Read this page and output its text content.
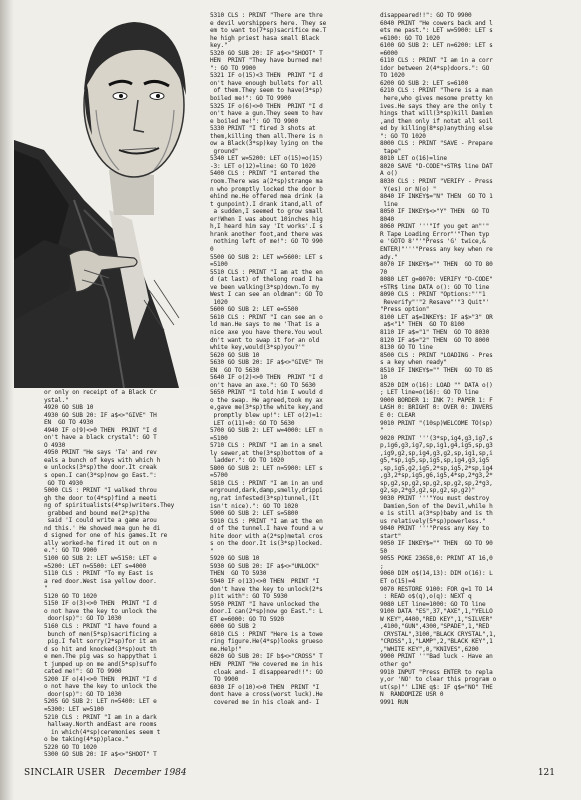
or only on receipt of a Black Cr
ystal."
4920 GO SUB 10
4930 GO SUB 20: IF a$<>"GIVE" TH
EN  GO TO 4930
4940 IF o(9)<>0 THEN  PRINT "I d
on't have a black crystal": GO T
O 4930
4950 PRINT "He says 'Ta' and rev
eals a bunch of keys with which h
e unlocks(3*sp)the door.It creak
s open.I can(3*sp)now go East.":
GO TO 4930
5000 CLS : PRINT "I walked throu
gh the door to(4*sp)find a meeti
ng of spiritualists(4*sp)writers.They
grabbed and bound me(2*sp)the
said 'I could write a game arou
nd this.' He showed mea gun he di
d signed for one of his games.It re
ally worked-he fired it out on m
e.": GO TO 9900
5100 GO SUB 2: LET w=5150: LET e
=5200: LET n=5500: LET s=4000
5110 CLS : PRINT "To my East is
a red door.West isa yellow door.
"
5120 GO TO 1020
5150 IF o(3)<>0 THEN  PRINT "I d
o not have the key to unlock the
door(sp)": GO TO 1030
5160 CLS : PRINT "I have found a
bunch of men(5*sp)sacrificing a
pig.I felt sorry(2*sp)for it an
d so hit and knocked(3*sp)out th
e men.The pig was so happythat i
t jumped up on me and(5*sp)suffo
cated me!": GO TO 9900
5200 IF o(4)<>0 THEN  PRINT "I d
o not have the key to unlock the
door(sp)": GO TO 1030
5205 GO SUB 2: LET n=5400: LET e
=5300: LET w=5100
5210 CLS : PRINT "I am in a dark
hallway.North andEast are rooms
in which(4*sp)ceremonies seem t
o be taking(4*sp)place."
5220 GO TO 1020
5300 GO SUB 20: IF a$<>"SHOOT" T
5310 CLS : PRINT "There are thre
e devil worshippers here. They se
em to want to(7*sp)sacrifice me.T
he high priest hasa small Black
key."
5320 GO SUB 20: IF a$<>"SHOOT" T
HEN  PRINT "They have burned me!
": GO TO 9900
5321 IF o(15)<3 THEN  PRINT "I d
on't have enough bullets for all
of them.They seem to have(3*sp)
boiled me!": GO TO 9900
5325 IF o(6)<>0 THEN  PRINT "I d
on't have a gun.They seem to hav
e boiled me!": GO TO 9900
5330 PRINT "I fired 3 shots at
them,killing them all.There is n
ow a Black(3*sp)key lying on the
ground"
5340 LET w=5200: LET o(15)=o(15)
-3: LET o(12)=line: GO TO 1020
5400 CLS : PRINT "I entered the
room.There was a(2*sp)strange ma
n who promptly locked the door b
ehind me.He offered mea drink (a
t gunpoint).I drank itand,all of
a sudden,I seemed to grow small
er!When I was about 10inches hig
h,I heard him say 'It works'.I s
hrank another foot,and there was
nothing left of me!": GO TO 990
0
5500 GO SUB 2: LET w=5600: LET s
=5100
5510 CLS : PRINT "I am at the en
d (at last) of thelong road I ha
ve been walking(3*sp)down.To my
West I can see an oldman": GO TO
1020
5600 GO SUB 2: LET e=5500
5610 CLS : PRINT "I can see an o
ld man.He says to me 'That is a
nice axe you have there.You woul
dn't want to swap it for an old
white key,would(3*sp)you?'"
5620 GO SUB 10
5630 GO SUB 20: IF a$<>"GIVE" TH
EN  GO TO 5630
5640 IF o(2)<>0 THEN  PRINT "I d
on't have an axe.": GO TO 5630
5650 PRINT "I told him I would d
o the swap. He agreed,took my ax
e,gave me(3*sp)the white key,and
promptly blew up!": LET o(2)=1:
LET o(11)=0: GO TO 5630
5700 GO SUB 2: LET w=4000: LET n
=5100
5710 CLS : PRINT "I am in a smel
ly sewer,at the(3*sp)bottom of a
ladder.": GO TO 1020
5800 GO SUB 2: LET n=5900: LET s
=5700
5810 CLS : PRINT "I am in an und
erground,dark,damp,smelly,drippi
ng,rat infested(3*sp)tunnel,(It
isn't nice).": GO TO 1020
5900 GO SUB 2: LET s=5800
5910 CLS : PRINT "I am at the en
d of the tunnel.I have found a w
hite door with a(2*sp)metal cros
s on the door.It is(3*sp)locked.
"
5920 GO SUB 10
5930 GO SUB 20: IF a$<>"UNLOCK"
THEN  GO TO 5930
5940 IF o(13)<>0 THEN  PRINT "I
don't have the key to unlock(2*s
p)it with": GO TO 5930
5950 PRINT "I have unlocked the
door.I can(2*sp)now go East.": L
ET e=6000: GO TO 5920
6000 GO SUB 2
6010 CLS : PRINT "Here is a towe
ring figure.He(4*sp)looks grueso
me.Help!"
6020 GO SUB 20: IF b$<>"CROSS" T
HEN  PRINT "He covered me in his
cloak and- I disappeared!!": GO
TO 9900
6030 IF o(10)<>0 THEN  PRINT "I
dont have a cross(worst luck).He
covered me in his cloak and- I
disappeared!!": GO TO 9900
6040 PRINT "He cowers back and l
ets me past.": LET w=5900: LET s
=6100: GO TO 1020
6100 GO SUB 2: LET n=6200: LET s
=6000
6110 CLS : PRINT "I am in a corr
idor between 2(4*sp)doors.": GO
TO 1020
6200 GO SUB 2: LET s=6100
6210 CLS : PRINT "There is a man
here,who gives mesome pretty kn
ives.He says they are the only t
hings that will(3*sp)kill Damien
,and then only if notat all soil
ed by killing(8*sp)anything else
": GO TO 1020
8000 CLS : PRINT "SAVE - Prepare
tape"
8010 LET o(16)=line
8020 SAVE "D-CODE"+STR$ line DAT
A o()
8030 CLS : PRINT "VERIFY - Press
Y(es) or N(o) "
8040 IF INKEY$="N" THEN  GO TO 1
line
8050 IF INKEY$<>"Y" THEN  GO TO
8040
8060 PRINT '''"If you get an"'"
R Tape Loading Error"'"Then typ
e 'GOTO 8'"'"Press 'G' twice,&
ENTER)"'''"Press any key when re
ady."
8070 IF INKEY$="" THEN  GO TO 80
70
8080 LET g=8070: VERIFY "D-CODE"
+STR$ line DATA o(): GO TO line
8090 CLS : PRINT "Options:"'"1
Reverify"'"2 Resave"'"3 Quit"'
"Press option"
8100 LET a$=INKEY$: IF a$>"3" OR
a$<"1" THEN  GO TO 8100
8110 IF a$="1" THEN  GO TO 8030
8120 IF a$="2" THEN  GO TO 8000
8130 GO TO line
8500 CLS : PRINT "LOADING - Pres
s a key when ready"
8510 IF INKEY$="" THEN  GO TO 85
10
8520 DIM o(16): LOAD "" DATA o()
; LET line=o(16): GO TO line
9000 BORDER 1: INK 7: PAPER 1: F
LASH 0: BRIGHT 0: OVER 0: INVERS
E 0: CLEAR
9010 PRINT "(10sp)WELCOME TO(sp)
"
9020 PRINT '''(3*sp,ig4,g3,ig7,s
p,ig6,g3,ig7,sp,ig1,g4,ig5,sp,g3
,ig9,g2,sp,ig4,g3,g2,sp,ig1,sp,i
g5,*sp,ig5,sp,ig5,sp,ig4,g3,ig5
,sp,ig5,g2,ig5,2*sp,ig5,2*sp,ig4
,g3,2*sp,ig5,g6,ig5,4*sp,2*g3,2*
sp,g2,sp,g2,sp,g2,sp,g2,sp,2*g3,
g2,sp,2*g3,g2,sp,g2,sp,g2)"
9030 PRINT '''"You must destroy
Damien,Son of the Devil,while h
e is still a(3*sp)baby and is th
us relatively(5*sp)powerless."
9040 PRINT '''"Press any Key to
start"
9050 IF INKEY$="" THEN  GO TO 90
50
9055 POKE 23658,0: PRINT AT 16,0
;
9060 DIM o$(14,13): DIM o(16): L
ET o(15)=4
9070 RESTORE 9100: FOR q=1 TO 14
: READ o$(q),o(q): NEXT q
9080 LET line=1000: GO TO line
9100 DATA "ES",37,"AXE",1,"YELLO
W KEY",4400,"RED KEY",1,"SILVER"
,4100,"GUN",4300,"SPADE",1,"RED
CRYSTAL",3100,"BLACK CRYSTAL",1,
"CROSS",1,"LAMP",2,"BLACK KEY",1
,"WHITE KEY",0,"KNIVES",6200
9900 PRINT ''"Bad luck - Have an
other go"
9910 INPUT "Press ENTER to repla
y,or 'NO' to clear this program o
ut(sp)"' LINE q$: IF q$="NO" THE
N  RANDOMIZE USR 0
9991 RUN
SINCLAIR USER December 1984	121
